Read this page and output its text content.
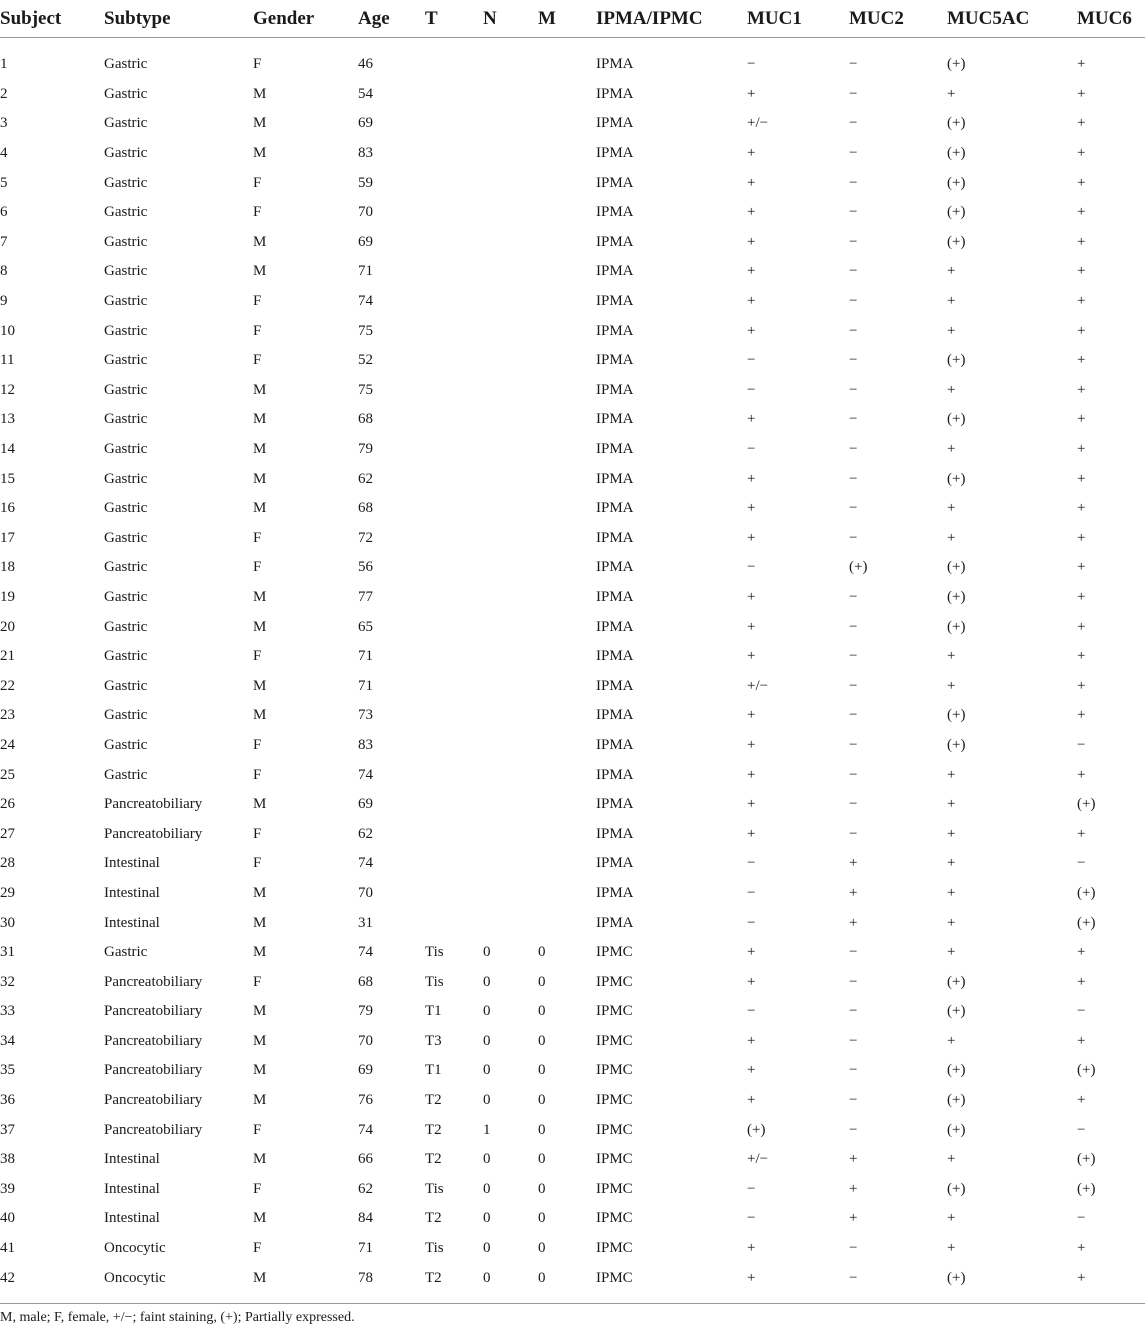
Subject	Subtype	Gender	Age	T	N	M	IPMA/IPMC	MUC1	MUC2	MUC5AC	MUC6

1	Gastric	F	46				IPMA	−	−	(+)	+
2	Gastric	M	54				IPMA	+	−	+	+
3	Gastric	M	69				IPMA	+/−	−	(+)	+
4	Gastric	M	83				IPMA	+	−	(+)	+
5	Gastric	F	59				IPMA	+	−	(+)	+
6	Gastric	F	70				IPMA	+	−	(+)	+
7	Gastric	M	69				IPMA	+	−	(+)	+
8	Gastric	M	71				IPMA	+	−	+	+
9	Gastric	F	74				IPMA	+	−	+	+
10	Gastric	F	75				IPMA	+	−	+	+
11	Gastric	F	52				IPMA	−	−	(+)	+
12	Gastric	M	75				IPMA	−	−	+	+
13	Gastric	M	68				IPMA	+	−	(+)	+
14	Gastric	M	79				IPMA	−	−	+	+
15	Gastric	M	62				IPMA	+	−	(+)	+
16	Gastric	M	68				IPMA	+	−	+	+
17	Gastric	F	72				IPMA	+	−	+	+
18	Gastric	F	56				IPMA	−	(+)	(+)	+
19	Gastric	M	77				IPMA	+	−	(+)	+
20	Gastric	M	65				IPMA	+	−	(+)	+
21	Gastric	F	71				IPMA	+	−	+	+
22	Gastric	M	71				IPMA	+/−	−	+	+
23	Gastric	M	73				IPMA	+	−	(+)	+
24	Gastric	F	83				IPMA	+	−	(+)	−
25	Gastric	F	74				IPMA	+	−	+	+
26	Pancreatobiliary	M	69				IPMA	+	−	+	(+)
27	Pancreatobiliary	F	62				IPMA	+	−	+	+
28	Intestinal	F	74				IPMA	−	+	+	−
29	Intestinal	M	70				IPMA	−	+	+	(+)
30	Intestinal	M	31				IPMA	−	+	+	(+)
31	Gastric	M	74	Tis	0	0	IPMC	+	−	+	+
32	Pancreatobiliary	F	68	Tis	0	0	IPMC	+	−	(+)	+
33	Pancreatobiliary	M	79	T1	0	0	IPMC	−	−	(+)	−
34	Pancreatobiliary	M	70	T3	0	0	IPMC	+	−	+	+
35	Pancreatobiliary	M	69	T1	0	0	IPMC	+	−	(+)	(+)
36	Pancreatobiliary	M	76	T2	0	0	IPMC	+	−	(+)	+
37	Pancreatobiliary	F	74	T2	1	0	IPMC	(+)	−	(+)	−
38	Intestinal	M	66	T2	0	0	IPMC	+/−	+	+	(+)
39	Intestinal	F	62	Tis	0	0	IPMC	−	+	(+)	(+)
40	Intestinal	M	84	T2	0	0	IPMC	−	+	+	−
41	Oncocytic	F	71	Tis	0	0	IPMC	+	−	+	+
42	Oncocytic	M	78	T2	0	0	IPMC	+	−	(+)	+

M, male; F, female, +/−; faint staining, (+); Partially expressed.
